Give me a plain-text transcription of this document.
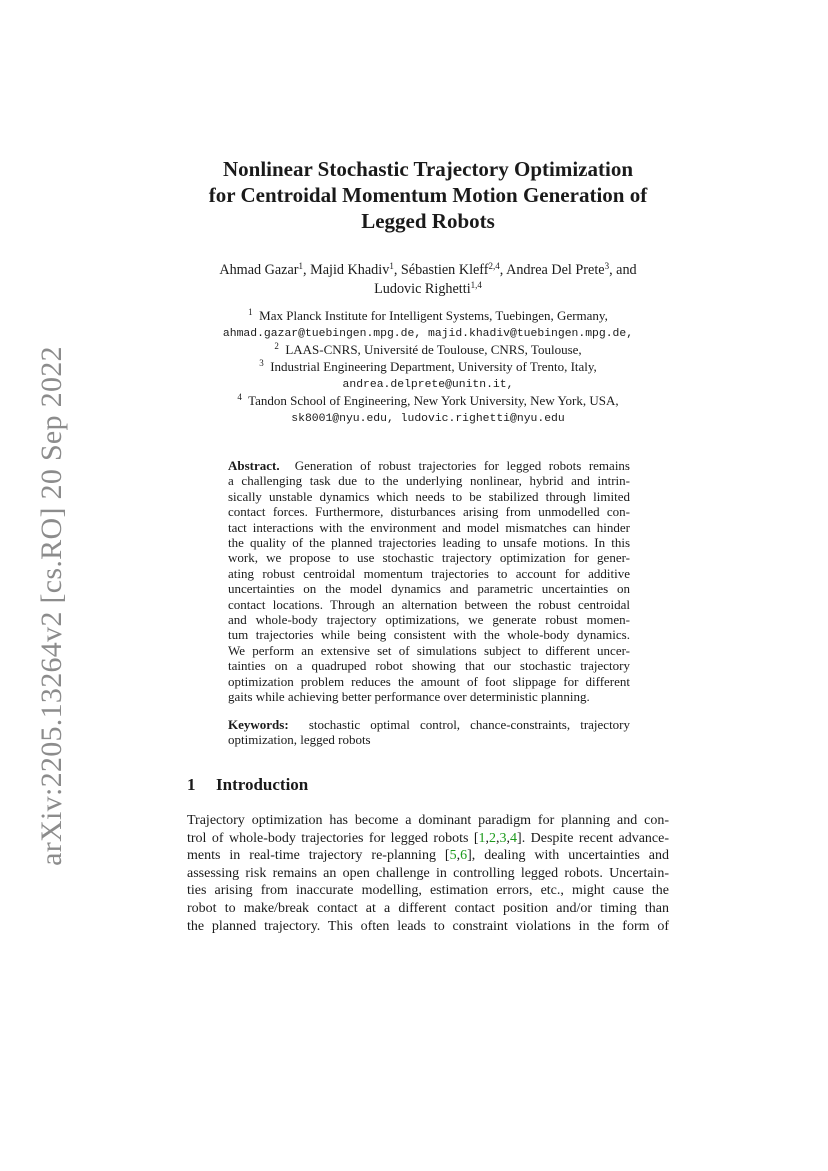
arXiv:2205.13264v2 [cs.RO] 20 Sep 2022
Nonlinear Stochastic Trajectory Optimization
for Centroidal Momentum Motion Generation of
Legged Robots
Ahmad Gazar$^1$, Majid Khadiv$^1$, Sébastien Kleff$^{2,4}$, Andrea Del Prete$^3$, and
Ludovic Righetti$^{1,4}$
$^1$ Max Planck Institute for Intelligent Systems, Tuebingen, Germany,
ahmad.gazar@tuebingen.mpg.de, majid.khadiv@tuebingen.mpg.de,
$^2$ LAAS-CNRS, Université de Toulouse, CNRS, Toulouse,
$^3$ Industrial Engineering Department, University of Trento, Italy,
andrea.delprete@unitn.it,
$^4$ Tandon School of Engineering, New York University, New York, USA,
sk8001@nyu.edu, ludovic.righetti@nyu.edu
Abstract. Generation of robust trajectories for legged robots remains
a challenging task due to the underlying nonlinear, hybrid and intrin-
sically unstable dynamics which needs to be stabilized through limited
contact forces. Furthermore, disturbances arising from unmodelled con-
tact interactions with the environment and model mismatches can hinder
the quality of the planned trajectories leading to unsafe motions. In this
work, we propose to use stochastic trajectory optimization for gener-
ating robust centroidal momentum trajectories to account for additive
uncertainties on the model dynamics and parametric uncertainties on
contact locations. Through an alternation between the robust centroidal
and whole-body trajectory optimizations, we generate robust momen-
tum trajectories while being consistent with the whole-body dynamics.
We perform an extensive set of simulations subject to different uncer-
tainties on a quadruped robot showing that our stochastic trajectory
optimization problem reduces the amount of foot slippage for different
gaits while achieving better performance over deterministic planning.
Keywords: stochastic optimal control, chance-constraints, trajectory
optimization, legged robots
1 Introduction
Trajectory optimization has become a dominant paradigm for planning and con-
trol of whole-body trajectories for legged robots [1,2,3,4]. Despite recent advance-
ments in real-time trajectory re-planning [5,6], dealing with uncertainties and
assessing risk remains an open challenge in controlling legged robots. Uncertain-
ties arising from inaccurate modelling, estimation errors, etc., might cause the
robot to make/break contact at a different contact position and/or timing than
the planned trajectory. This often leads to constraint violations in the form of
